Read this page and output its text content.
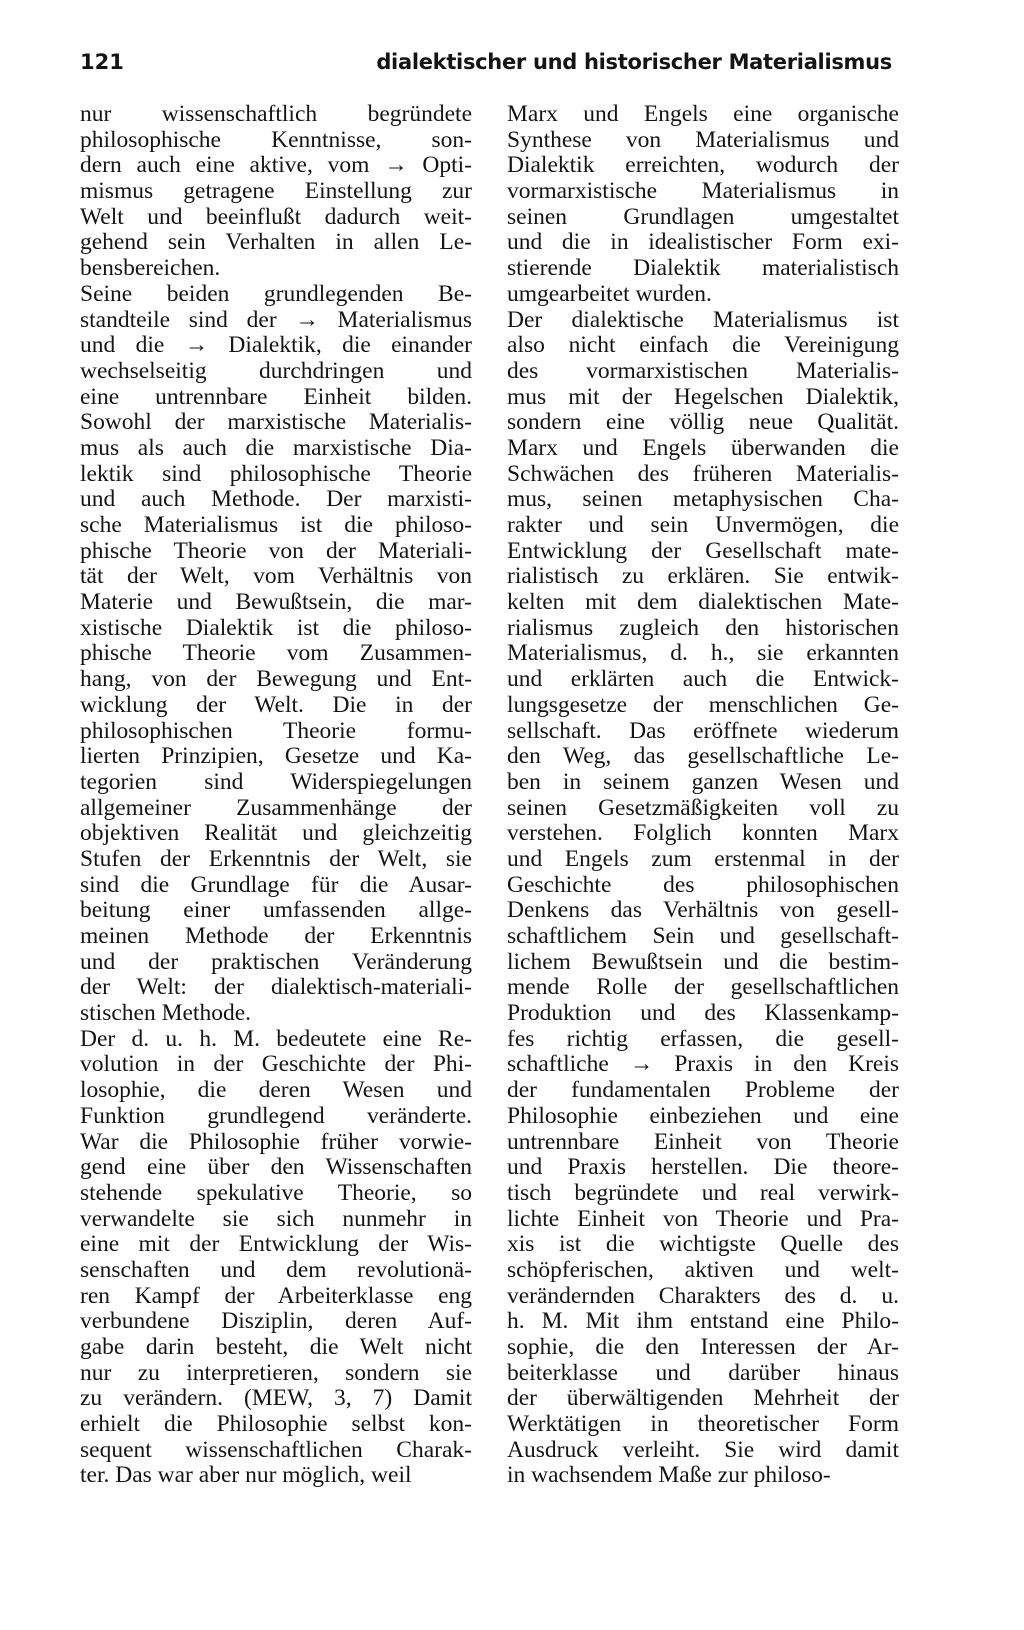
121	dialektischer und historischer Materialismus
nur wissenschaftlich begründete
philosophische Kenntnisse, son-
dern auch eine aktive, vom → Opti-
mismus getragene Einstellung zur
Welt und beeinflußt dadurch weit-
gehend sein Verhalten in allen Le-
bensbereichen.
Seine beiden grundlegenden Be-
standteile sind der → Materialismus
und die → Dialektik, die einander
wechselseitig durchdringen und
eine untrennbare Einheit bilden.
Sowohl der marxistische Materialis-
mus als auch die marxistische Dia-
lektik sind philosophische Theorie
und auch Methode. Der marxisti-
sche Materialismus ist die philoso-
phische Theorie von der Materiali-
tät der Welt, vom Verhältnis von
Materie und Bewußtsein, die mar-
xistische Dialektik ist die philoso-
phische Theorie vom Zusammen-
hang, von der Bewegung und Ent-
wicklung der Welt. Die in der
philosophischen Theorie formu-
lierten Prinzipien, Gesetze und Ka-
tegorien sind Widerspiegelungen
allgemeiner Zusammenhänge der
objektiven Realität und gleichzeitig
Stufen der Erkenntnis der Welt, sie
sind die Grundlage für die Ausar-
beitung einer umfassenden allge-
meinen Methode der Erkenntnis
und der praktischen Veränderung
der Welt: der dialektisch-materiali-
stischen Methode.
Der d. u. h. M. bedeutete eine Re-
volution in der Geschichte der Phi-
losophie, die deren Wesen und
Funktion grundlegend veränderte.
War die Philosophie früher vorwie-
gend eine über den Wissenschaften
stehende spekulative Theorie, so
verwandelte sie sich nunmehr in
eine mit der Entwicklung der Wis-
senschaften und dem revolutionä-
ren Kampf der Arbeiterklasse eng
verbundene Disziplin, deren Auf-
gabe darin besteht, die Welt nicht
nur zu interpretieren, sondern sie
zu verändern. (MEW, 3, 7) Damit
erhielt die Philosophie selbst kon-
sequent wissenschaftlichen Charak-
ter. Das war aber nur möglich, weil
Marx und Engels eine organische
Synthese von Materialismus und
Dialektik erreichten, wodurch der
vormarxistische Materialismus in
seinen Grundlagen umgestaltet
und die in idealistischer Form exi-
stierende Dialektik materialistisch
umgearbeitet wurden.
Der dialektische Materialismus ist
also nicht einfach die Vereinigung
des vormarxistischen Materialis-
mus mit der Hegelschen Dialektik,
sondern eine völlig neue Qualität.
Marx und Engels überwanden die
Schwächen des früheren Materialis-
mus, seinen metaphysischen Cha-
rakter und sein Unvermögen, die
Entwicklung der Gesellschaft mate-
rialistisch zu erklären. Sie entwik-
kelten mit dem dialektischen Mate-
rialismus zugleich den historischen
Materialismus, d. h., sie erkannten
und erklärten auch die Entwick-
lungsgesetze der menschlichen Ge-
sellschaft. Das eröffnete wiederum
den Weg, das gesellschaftliche Le-
ben in seinem ganzen Wesen und
seinen Gesetzmäßigkeiten voll zu
verstehen. Folglich konnten Marx
und Engels zum erstenmal in der
Geschichte des philosophischen
Denkens das Verhältnis von gesell-
schaftlichem Sein und gesellschaft-
lichem Bewußtsein und die bestim-
mende Rolle der gesellschaftlichen
Produktion und des Klassenkamp-
fes richtig erfassen, die gesell-
schaftliche → Praxis in den Kreis
der fundamentalen Probleme der
Philosophie einbeziehen und eine
untrennbare Einheit von Theorie
und Praxis herstellen. Die theore-
tisch begründete und real verwirk-
lichte Einheit von Theorie und Pra-
xis ist die wichtigste Quelle des
schöpferischen, aktiven und welt-
verändernden Charakters des d. u.
h. M. Mit ihm entstand eine Philo-
sophie, die den Interessen der Ar-
beiterklasse und darüber hinaus
der überwältigenden Mehrheit der
Werktätigen in theoretischer Form
Ausdruck verleiht. Sie wird damit
in wachsendem Maße zur philoso-
